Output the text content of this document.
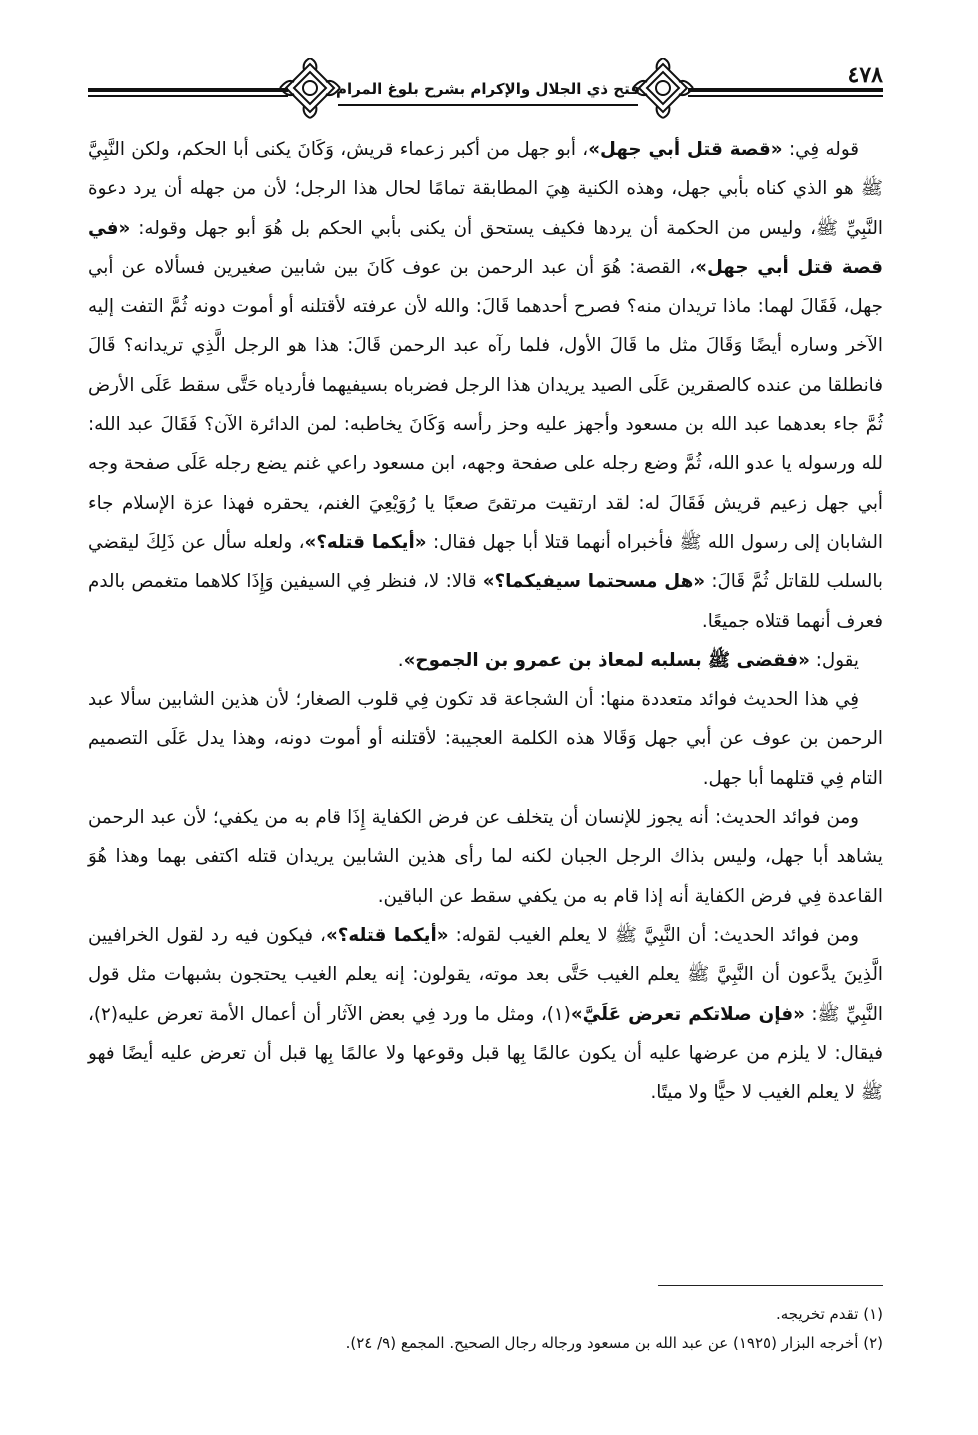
فتح ذي الجلال والإكرام بشرح بلوغ المرام
٤٧٨

قوله فِي: «قصة قتل أبي جهل»، أبو جهل من أكبر زعماء قريش، وَكَانَ يكنى أبا الحكم، ولكن النَّبِيَّ ﷺ هو الذي كناه بأبي جهل، وهذه الكنية هِيَ المطابقة تمامًا لحال هذا الرجل؛ لأن من جهله أن يرد دعوة النَّبِيِّ ﷺ، وليس من الحكمة أن يردها فكيف يستحق أن يكنى بأبي الحكم بل هُوَ أبو جهل وقوله: «في قصة قتل أبي جهل»، القصة: هُوَ أن عبد الرحمن بن عوف كَانَ بين شابين صغيرين فسألاه عن أبي جهل، فَقَالَ لهما: ماذا تريدان منه؟ فصرح أحدهما قَالَ: والله لأن عرفته لأقتلنه أو أموت دونه ثُمَّ التفت إليه الآخر وساره أيضًا وَقَالَ مثل ما قَالَ الأول، فلما رآه عبد الرحمن قَالَ: هذا هو الرجل الَّذِي تريدانه؟ قَالَ فانطلقا من عنده كالصقرين عَلَى الصيد يريدان هذا الرجل فضرباه بسيفيهما فأردياه حَتَّى سقط عَلَى الأرض ثُمَّ جاء بعدهما عبد الله بن مسعود وأجهز عليه وحز رأسه وَكَانَ يخاطبه: لمن الدائرة الآن؟ فَقَالَ عبد الله: لله ورسوله يا عدو الله، ثُمَّ وضع رجله على صفحة وجهه، ابن مسعود راعي غنم يضع رجله عَلَى صفحة وجه أبي جهل زعيم قريش فَقَالَ له: لقد ارتقيت مرتقىً صعبًا يا رُوَيْعِيَ الغنم، يحقره فهذا عزة الإسلام جاء الشابان إلى رسول الله ﷺ فأخبراه أنهما قتلا أبا جهل فقال: «أيكما قتله؟»، ولعله سأل عن ذَلِكَ ليقضي بالسلب للقاتل ثُمَّ قَالَ: «هل مسحتما سيفيكما؟» قالا: لا، فنظر فِي السيفين وَإِذَا كلاهما متغمص بالدم فعرف أنهما قتلاه جميعًا.

يقول: «فقضى ﷺ بسلبه لمعاذ بن عمرو بن الجموح».

فِي هذا الحديث فوائد متعددة منها: أن الشجاعة قد تكون فِي قلوب الصغار؛ لأن هذين الشابين سألا عبد الرحمن بن عوف عن أبي جهل وَقَالا هذه الكلمة العجيبة: لأقتلنه أو أموت دونه، وهذا يدل عَلَى التصميم التام فِي قتلهما أبا جهل.

ومن فوائد الحديث: أنه يجوز للإنسان أن يتخلف عن فرض الكفاية إِذَا قام به من يكفي؛ لأن عبد الرحمن يشاهد أبا جهل، وليس بذاك الرجل الجبان لكنه لما رأى هذين الشابين يريدان قتله اكتفى بهما وهذا هُوَ القاعدة فِي فرض الكفاية أنه إذا قام به من يكفي سقط عن الباقين.

ومن فوائد الحديث: أن النَّبِيَّ ﷺ لا يعلم الغيب لقوله: «أيكما قتله؟»، فيكون فيه رد لقول الخرافيين الَّذِينَ يدَّعون أن النَّبِيَّ ﷺ يعلم الغيب حَتَّى بعد موته، يقولون: إنه يعلم الغيب يحتجون بشبهات مثل قول النَّبِيِّ ﷺ: «فإن صلاتكم تعرض عَلَيَّ»(١)، ومثل ما ورد فِي بعض الآثار أن أعمال الأمة تعرض عليه(٢)، فيقال: لا يلزم من عرضها عليه أن يكون عالمًا بِها قبل وقوعها ولا عالمًا بِها قبل أن تعرض عليه أيضًا فهو ﷺ لا يعلم الغيب لا حيًّا ولا ميتًا.

(١) تقدم تخريجه.

(٢) أخرجه البزار (١٩٢٥) عن عبد الله بن مسعود ورجاله رجال الصحيح. المجمع (٩/ ٢٤).
